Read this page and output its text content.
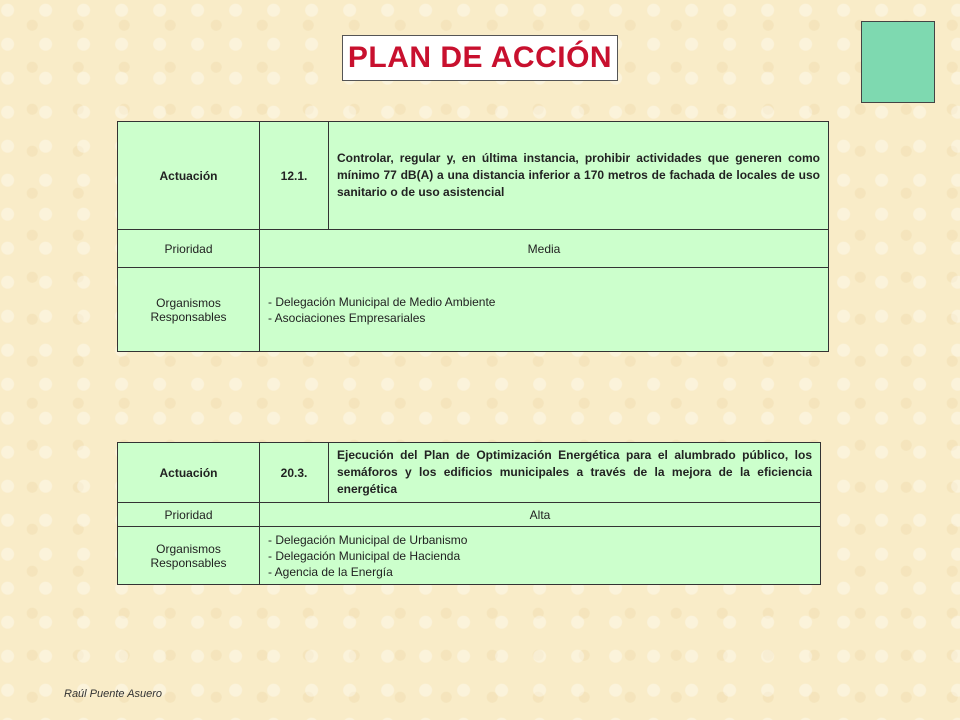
PLAN DE ACCIÓN
Actuación	12.1.	Controlar, regular y, en última instancia, prohibir actividades que generen como mínimo 77 dB(A) a una distancia inferior a 170 metros de fachada de locales de uso sanitario o de uso asistencial
Prioridad	Media	
Organismos Responsables	- Delegación Municipal de Medio Ambiente
- Asociaciones Empresariales	
Actuación	20.3.	Ejecución del Plan de Optimización Energética para el alumbrado público, los semáforos y los edificios municipales a través de la mejora de la eficiencia energética
Prioridad	Alta	
Organismos Responsables	- Delegación Municipal de Urbanismo
- Delegación Municipal de Hacienda
- Agencia de la Energía	
Raúl Puente Asuero
